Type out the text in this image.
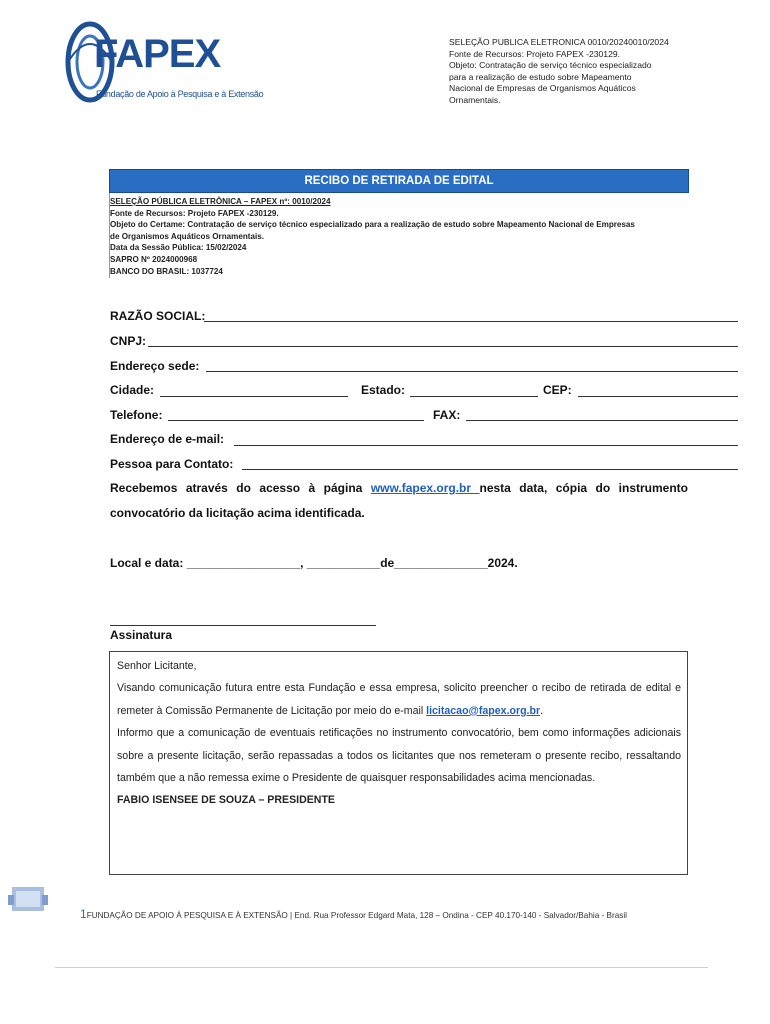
FAPEX
Fundação de Apoio à Pesquisa e à Extensão
SELEÇÃO PUBLICA ELETRONICA 0010/20240010/2024
Fonte de Recursos: Projeto FAPEX -230129.
Objeto: Contratação de serviço técnico especializado
para a realização de estudo sobre Mapeamento
Nacional de Empresas de Organismos Aquáticos
Ornamentais.
RECIBO DE RETIRADA DE EDITAL
SELEÇÃO PÚBLICA ELETRÔNICA – FAPEX nº: 0010/2024
Fonte de Recursos: Projeto FAPEX -230129.
Objeto do Certame: Contratação de serviço técnico especializado para a realização de estudo sobre Mapeamento Nacional de Empresas
de Organismos Aquáticos Ornamentais.
Data da Sessão Pública: 15/02/2024
SAPRO Nº 2024000968
BANCO DO BRASIL: 1037724
RAZÃO SOCIAL:
CNPJ:
Endereço sede:
Cidade:	Estado:	CEP:
Telefone:	FAX:
Endereço de e-mail:
Pessoa para Contato:
Recebemos através do acesso à página www.fapex.org.br nesta data, cópia do instrumento convocatório da licitação acima identificada.
Local e data: _________________, ___________de______________2024.
Assinatura
Senhor Licitante,
Visando comunicação futura entre esta Fundação e essa empresa, solicito preencher o recibo de retirada de edital e remeter à Comissão Permanente de Licitação por meio do e-mail licitacao@fapex.org.br.
Informo que a comunicação de eventuais retificações no instrumento convocatório, bem como informações adicionais sobre a presente licitação, serão repassadas a todos os licitantes que nos remeteram o presente recibo, ressaltando também que a não remessa exime o Presidente de quaisquer responsabilidades acima mencionadas.
FABIO ISENSEE DE SOUZA – PRESIDENTE
1FUNDAÇÃO DE APOIO À PESQUISA E À EXTENSÃO | End. Rua Professor Edgard Mata, 128 – Ondina - CEP 40.170-140 - Salvador/Bahia - Brasil
